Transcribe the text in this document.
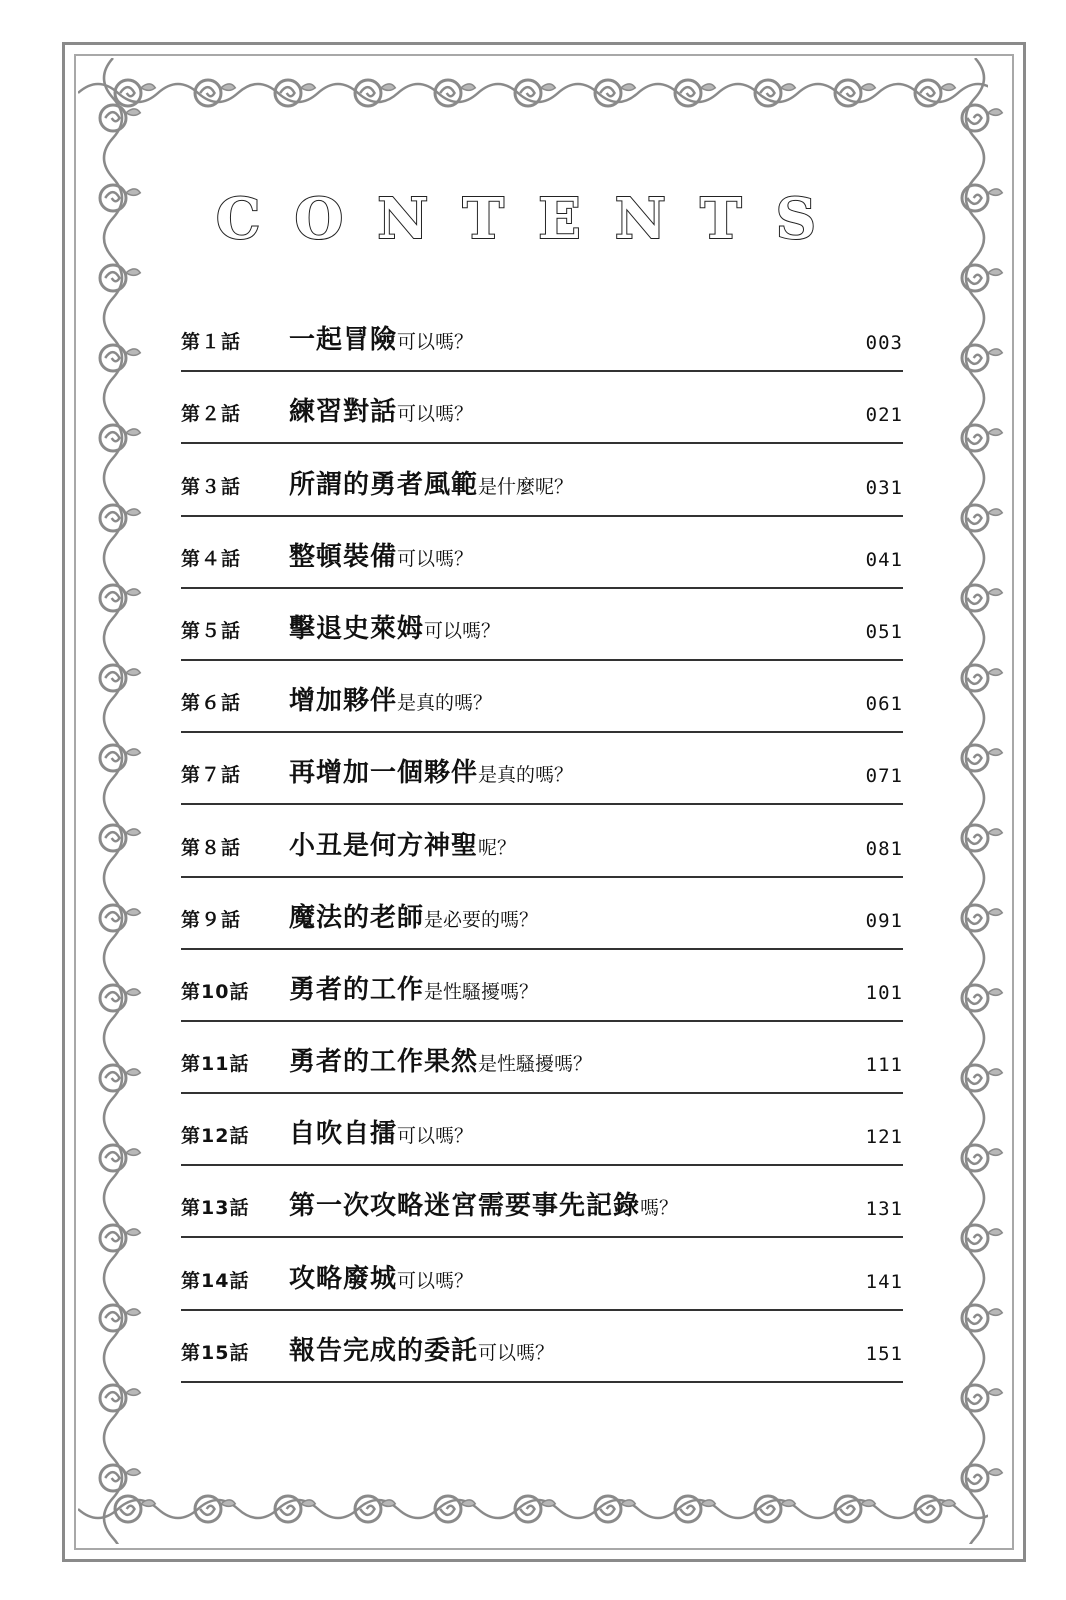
CONTENTS
第１話 一起冒險可以嗎？	003
第２話 練習對話可以嗎？	021
第３話 所謂的勇者風範是什麼呢？	031
第４話 整頓裝備可以嗎？	041
第５話 擊退史萊姆可以嗎？	051
第６話 增加夥伴是真的嗎？	061
第７話 再增加一個夥伴是真的嗎？	071
第８話 小丑是何方神聖呢？	081
第９話 魔法的老師是必要的嗎？	091
第10話 勇者的工作是性騷擾嗎？	101
第11話 勇者的工作果然是性騷擾嗎？	111
第12話 自吹自擂可以嗎？	121
第13話 第一次攻略迷宮需要事先記錄嗎？	131
第14話 攻略廢城可以嗎？	141
第15話 報告完成的委託可以嗎？	151
